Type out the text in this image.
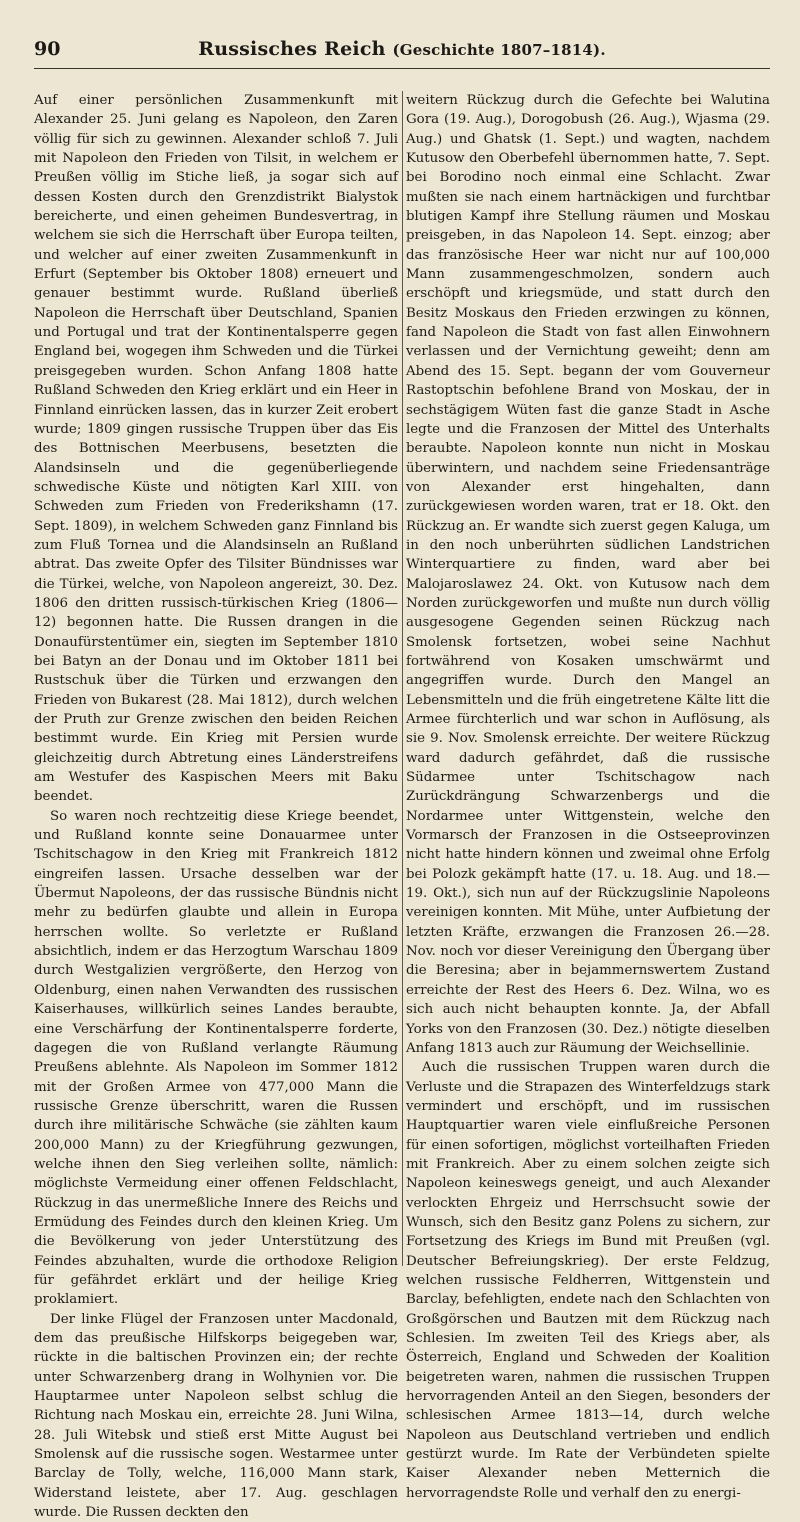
90	Russisches Reich (Geschichte 1807–1814).

Auf einer persönlichen Zusammenkunft mit Alexander 25. Juni gelang es Napoleon, den Zaren völlig für sich zu gewinnen. Alexander schloß 7. Juli mit Napoleon den Frieden von Tilsit, in welchem er Preußen völlig im Stiche ließ, ja sogar sich auf dessen Kosten durch den Grenzdistrikt Bialystok bereicherte, und einen geheimen Bundesvertrag, in welchem sie sich die Herrschaft über Europa teilten, und welcher auf einer zweiten Zusammenkunft in Erfurt (September bis Oktober 1808) erneuert und genauer bestimmt wurde. Rußland überließ Napoleon die Herrschaft über Deutschland, Spanien und Portugal und trat der Kontinentalsperre gegen England bei, wogegen ihm Schweden und die Türkei preisgegeben wurden. Schon Anfang 1808 hatte Rußland Schweden den Krieg erklärt und ein Heer in Finnland einrücken lassen, das in kurzer Zeit erobert wurde; 1809 gingen russische Truppen über das Eis des Bottnischen Meerbusens, besetzten die Alandsinseln und die gegenüberliegende schwedische Küste und nötigten Karl XIII. von Schweden zum Frieden von Frederikshamn (17. Sept. 1809), in welchem Schweden ganz Finnland bis zum Fluß Tornea und die Alandsinseln an Rußland abtrat. Das zweite Opfer des Tilsiter Bündnisses war die Türkei, welche, von Napoleon angereizt, 30. Dez. 1806 den dritten russisch-türkischen Krieg (1806—12) begonnen hatte. Die Russen drangen in die Donaufürstentümer ein, siegten im September 1810 bei Batyn an der Donau und im Oktober 1811 bei Rustschuk über die Türken und erzwangen den Frieden von Bukarest (28. Mai 1812), durch welchen der Pruth zur Grenze zwischen den beiden Reichen bestimmt wurde. Ein Krieg mit Persien wurde gleichzeitig durch Abtretung eines Länderstreifens am Westufer des Kaspischen Meers mit Baku beendet.

So waren noch rechtzeitig diese Kriege beendet, und Rußland konnte seine Donauarmee unter Tschitschagow in den Krieg mit Frankreich 1812 eingreifen lassen. Ursache desselben war der Übermut Napoleons, der das russische Bündnis nicht mehr zu bedürfen glaubte und allein in Europa herrschen wollte. So verletzte er Rußland absichtlich, indem er das Herzogtum Warschau 1809 durch Westgalizien vergrößerte, den Herzog von Oldenburg, einen nahen Verwandten des russischen Kaiserhauses, willkürlich seines Landes beraubte, eine Verschärfung der Kontinentalsperre forderte, dagegen die von Rußland verlangte Räumung Preußens ablehnte. Als Napoleon im Sommer 1812 mit der Großen Armee von 477,000 Mann die russische Grenze überschritt, waren die Russen durch ihre militärische Schwäche (sie zählten kaum 200,000 Mann) zu der Kriegführung gezwungen, welche ihnen den Sieg verleihen sollte, nämlich: möglichste Vermeidung einer offenen Feldschlacht, Rückzug in das unermeßliche Innere des Reichs und Ermüdung des Feindes durch den kleinen Krieg. Um die Bevölkerung von jeder Unterstützung des Feindes abzuhalten, wurde die orthodoxe Religion für gefährdet erklärt und der heilige Krieg proklamiert.

Der linke Flügel der Franzosen unter Macdonald, dem das preußische Hilfskorps beigegeben war, rückte in die baltischen Provinzen ein; der rechte unter Schwarzenberg drang in Wolhynien vor. Die Hauptarmee unter Napoleon selbst schlug die Richtung nach Moskau ein, erreichte 28. Juni Wilna, 28. Juli Witebsk und stieß erst Mitte August bei Smolensk auf die russische sogen. Westarmee unter Barclay de Tolly, welche, 116,000 Mann stark, Widerstand leistete, aber 17. Aug. geschlagen wurde. Die Russen deckten den

weitern Rückzug durch die Gefechte bei Walutina Gora (19. Aug.), Dorogobush (26. Aug.), Wjasma (29. Aug.) und Ghatsk (1. Sept.) und wagten, nachdem Kutusow den Oberbefehl übernommen hatte, 7. Sept. bei Borodino noch einmal eine Schlacht. Zwar mußten sie nach einem hartnäckigen und furchtbar blutigen Kampf ihre Stellung räumen und Moskau preisgeben, in das Napoleon 14. Sept. einzog; aber das französische Heer war nicht nur auf 100,000 Mann zusammengeschmolzen, sondern auch erschöpft und kriegsmüde, und statt durch den Besitz Moskaus den Frieden erzwingen zu können, fand Napoleon die Stadt von fast allen Einwohnern verlassen und der Vernichtung geweiht; denn am Abend des 15. Sept. begann der vom Gouverneur Rastoptschin befohlene Brand von Moskau, der in sechstägigem Wüten fast die ganze Stadt in Asche legte und die Franzosen der Mittel des Unterhalts beraubte. Napoleon konnte nun nicht in Moskau überwintern, und nachdem seine Friedensanträge von Alexander erst hingehalten, dann zurückgewiesen worden waren, trat er 18. Okt. den Rückzug an. Er wandte sich zuerst gegen Kaluga, um in den noch unberührten südlichen Landstrichen Winterquartiere zu finden, ward aber bei Malojaroslawez 24. Okt. von Kutusow nach dem Norden zurückgeworfen und mußte nun durch völlig ausgesogene Gegenden seinen Rückzug nach Smolensk fortsetzen, wobei seine Nachhut fortwährend von Kosaken umschwärmt und angegriffen wurde. Durch den Mangel an Lebensmitteln und die früh eingetretene Kälte litt die Armee fürchterlich und war schon in Auflösung, als sie 9. Nov. Smolensk erreichte. Der weitere Rückzug ward dadurch gefährdet, daß die russische Südarmee unter Tschitschagow nach Zurückdrängung Schwarzenbergs und die Nordarmee unter Wittgenstein, welche den Vormarsch der Franzosen in die Ostseeprovinzen nicht hatte hindern können und zweimal ohne Erfolg bei Polozk gekämpft hatte (17. u. 18. Aug. und 18.—19. Okt.), sich nun auf der Rückzugslinie Napoleons vereinigen konnten. Mit Mühe, unter Aufbietung der letzten Kräfte, erzwangen die Franzosen 26.—28. Nov. noch vor dieser Vereinigung den Übergang über die Beresina; aber in bejammernswertem Zustand erreichte der Rest des Heers 6. Dez. Wilna, wo es sich auch nicht behaupten konnte. Ja, der Abfall Yorks von den Franzosen (30. Dez.) nötigte dieselben Anfang 1813 auch zur Räumung der Weichsellinie.

Auch die russischen Truppen waren durch die Verluste und die Strapazen des Winterfeldzugs stark vermindert und erschöpft, und im russischen Hauptquartier waren viele einflußreiche Personen für einen sofortigen, möglichst vorteilhaften Frieden mit Frankreich. Aber zu einem solchen zeigte sich Napoleon keineswegs geneigt, und auch Alexander verlockten Ehrgeiz und Herrschsucht sowie der Wunsch, sich den Besitz ganz Polens zu sichern, zur Fortsetzung des Kriegs im Bund mit Preußen (vgl. Deutscher Befreiungskrieg). Der erste Feldzug, welchen russische Feldherren, Wittgenstein und Barclay, befehligten, endete nach den Schlachten von Großgörschen und Bautzen mit dem Rückzug nach Schlesien. Im zweiten Teil des Kriegs aber, als Österreich, England und Schweden der Koalition beigetreten waren, nahmen die russischen Truppen hervorragenden Anteil an den Siegen, besonders der schlesischen Armee 1813—14, durch welche Napoleon aus Deutschland vertrieben und endlich gestürzt wurde. Im Rate der Verbündeten spielte Kaiser Alexander neben Metternich die hervorragendste Rolle und verhalf den zu energi-
